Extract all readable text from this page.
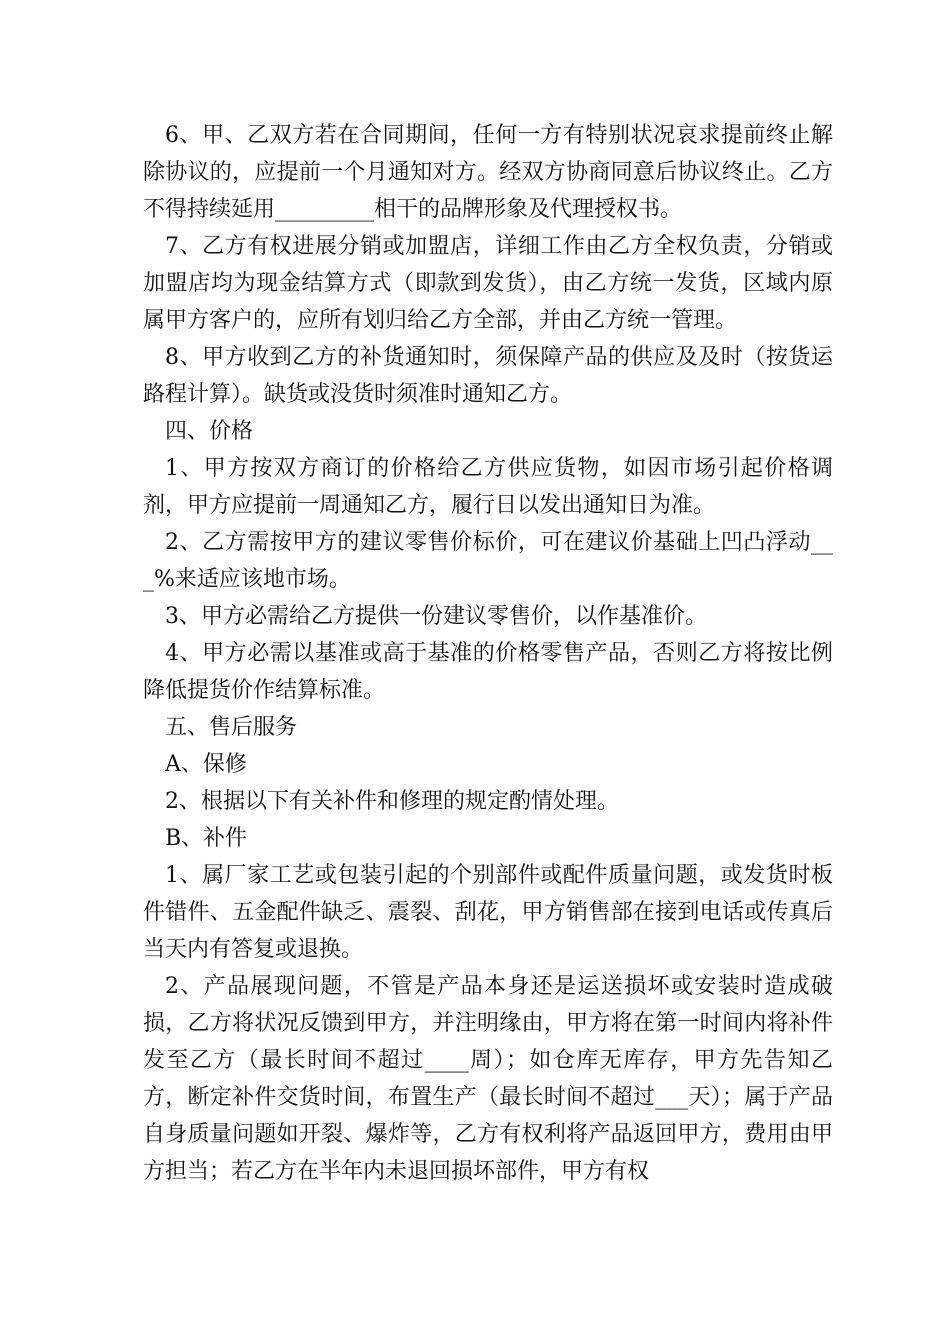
6、甲、乙双方若在合同期间，任何一方有特别状况哀求提前终止解除协议的，应提前一个月通知对方。经双方协商同意后协议终止。乙方不得持续延用_________相干的品牌形象及代理授权书。

7、乙方有权进展分销或加盟店，详细工作由乙方全权负责，分销或加盟店均为现金结算方式（即款到发货），由乙方统一发货，区域内原属甲方客户的，应所有划归给乙方全部，并由乙方统一管理。

8、甲方收到乙方的补货通知时，须保障产品的供应及及时（按货运路程计算）。缺货或没货时须准时通知乙方。

四、价格

1、甲方按双方商订的价格给乙方供应货物，如因市场引起价格调剂，甲方应提前一周通知乙方，履行日以发出通知日为准。

2、乙方需按甲方的建议零售价标价，可在建议价基础上凹凸浮动___%来适应该地市场。

3、甲方必需给乙方提供一份建议零售价，以作基准价。

4、甲方必需以基准或高于基准的价格零售产品，否则乙方将按比例降低提货价作结算标准。

五、售后服务

A、保修

2、根据以下有关补件和修理的规定酌情处理。

B、补件

1、属厂家工艺或包装引起的个别部件或配件质量问题，或发货时板件错件、五金配件缺乏、震裂、刮花，甲方销售部在接到电话或传真后当天内有答复或退换。

2、产品展现问题，不管是产品本身还是运送损坏或安装时造成破损，乙方将状况反馈到甲方，并注明缘由，甲方将在第一时间内将补件发至乙方（最长时间不超过____周）；如仓库无库存，甲方先告知乙方，断定补件交货时间，布置生产（最长时间不超过___天）；属于产品自身质量问题如开裂、爆炸等，乙方有权利将产品返回甲方，费用由甲方担当；若乙方在半年内未退回损坏部件，甲方有权
